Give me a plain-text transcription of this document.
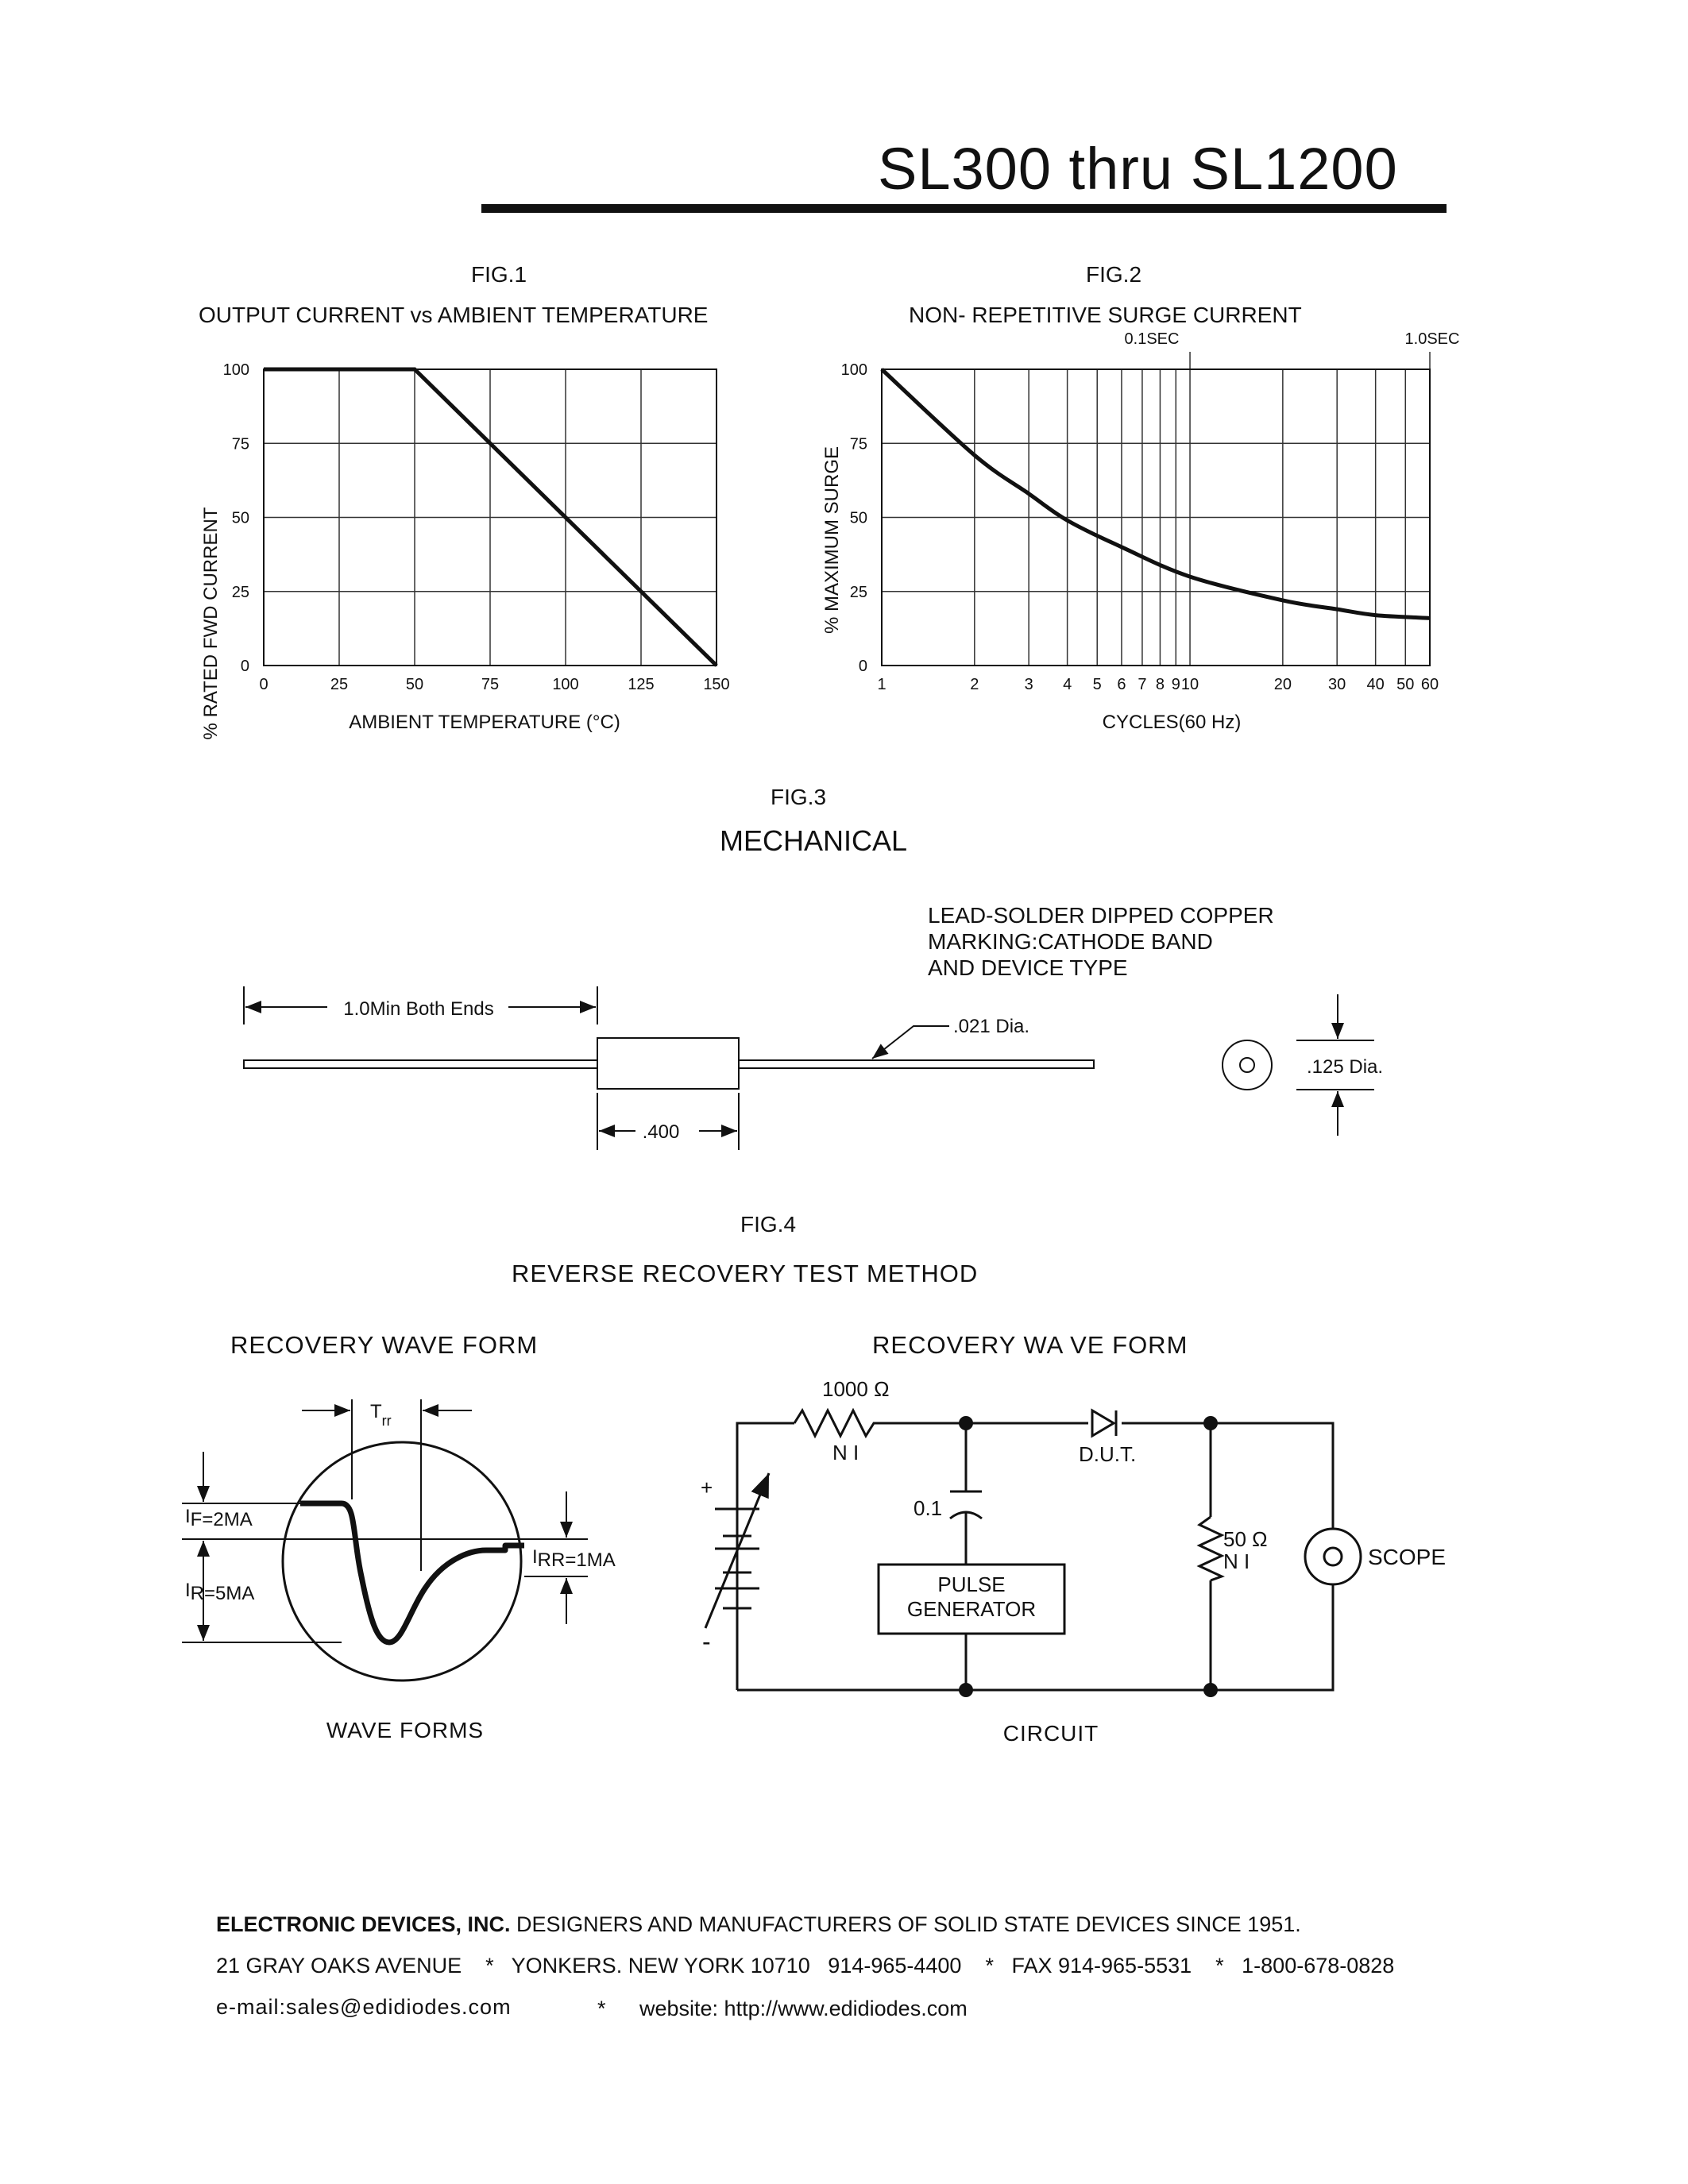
SL300 thru SL1200
FIG.1
OUTPUT CURRENT vs AMBIENT TEMPERATURE
FIG.2
NON- REPETITIVE SURGE CURRENT
0	25	50	75	100	125	150
0
25
50
75
100
% RATED FWD CURRENT	AMBIENT TEMPERATURE (°C)
1	2	3 4 5 6 7 8 9 10	20 30 40 50 60
0
25
50
75
100
0.1SEC	1.0SEC
% MAXIMUM SURGE
CYCLES(60 Hz)
FIG.3
MECHANICAL
LEAD-SOLDER DIPPED COPPER
MARKING:CATHODE BAND
AND DEVICE TYPE
1.0Min Both Ends
.400
.021 Dia.
.125 Dia.
FIG.4
REVERSE RECOVERY TEST METHOD
RECOVERY WAVE FORM	RECOVERY WA VE FORM
$T_{rr}$
IF=2MA
IR=5MA
IRR=1MA
WAVE FORMS
1000 Ω
N I	D.U.T.
0.1
PULSE
GENERATOR
50 Ω
N I	SCOPE
+
-
CIRCUIT
ELECTRONIC DEVICES, INC. DESIGNERS AND MANUFACTURERS OF SOLID STATE DEVICES SINCE 1951.
21 GRAY OAKS AVENUE    *   YONKERS. NEW YORK 10710   914-965-4400    *   FAX 914-965-5531    *   1-800-678-0828
e-mail:sales@edidiodes.com	* website: http://www.edidiodes.com
